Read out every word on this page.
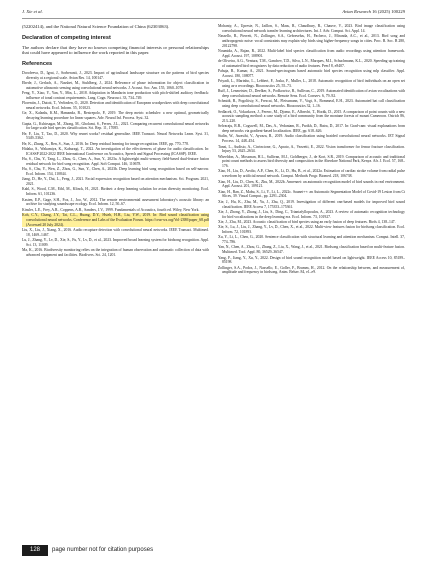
J. Xie et al.	Avian Research 16 (2025) 100229

(52202414), and the National Natural Science Foundation of China (62303063).

Declaration of competing interest

The authors declare that they have no known competing financial interests or personal relationships that could have appeared to influence the work reported in this paper.

References

Dorofeeva, D., Igrat, J., Sorberanti, J., 2023. Impact of agricultural landscape structure on the patterns of bird species diversity at a regional scale. Avian Res. 14, 100147.

Ebede, J., Gerlach, A., Nassbet, M., Stuhlberg, J., 2024. Relevance of phase information for object classification in automotive ultrasonic sensing using convolutional neural networks. J. Acoust. Soc. Am. 155, 1060–1070.

Feng, Y., Xiao, Y., Yan, Y., Min, L., 2018. Adaptation in Mandarin tone production with pitch-shifted auditory feedback: influence of tonal contrast requirements. Lang. Cogn. Neurosci. 33, 734–749.

Florentin, J., Dutoit, T., Verlinden, O., 2020. Detection and identification of European woodpeckers with deep convolutional neural networks. Ecol. Inform. 55, 101023.

Ge, X., Kalanlu, K.M., Hamanda, B., Restrepolo, P., 2019. The deep metric scheduler: a new optimal, geometrically decaying learning procedure for linear squares. Adv. Neural Inf. Process. Syst. 32.

Gupta, G., Kshirsagar, M., Zhong, M., Gholami, S., Ferres, J.L., 2021. Comparing recurrent convolutional neural networks for large scale bird species classification. Sci. Rep. 11, 17085.

He, F., Liu, T., Tao, D., 2020. Why resnet works? residual generalize. IEEE Transact. Neural Networks Learn. Syst. 31, 5349–5362.

He, K., Zhang, X., Ren, S., Sun, J., 2016. In: Deep residual learning for image recognition. IEEE, pp. 770–778.

Hidaka, S., Wakamiya, K., Kaburagi, T., 2022. An investigation of the effectiveness of phase for audio classification. In: ICASSP 2022-2022 IEEE International Conference on Acoustics, Speech and Signal Processing (ICASSP). IEEE.

Hu, S., Chu, Y., Tang, L., Zhou, G., Chen, A., Sun, Y., 2023a. A lightweight multi-sensory field-based dual-feature fusion residual network for bird song recognition. Appl. Soft Comput. 146, 110678.

Hu, S., Chu, Y., Wen, Z., Zhou, G., Sun, Y., Chen, A., 2023b. Deep learning bird song recognition based on self-narrow. Ecol. Inform. 154, 110844.

Jiang, D., He, Y., Dai, L., Feng, J., 2021. Facial expression recognition based on attention mechanism. Sci. Program. 2021, 2021.

Kahl, S., Wood, C.M., Eibl, M., Klinck, H., 2021. Birdnet: a deep learning solution for avian diversity monitoring. Ecol. Inform. 61, 101236.

Kasten, E.P., Gage, S.H., Fox, J., Joo, W., 2012. The remote environmental assessment laboratory's acoustic library: an archive for studying soundscape ecology. Ecol. Inform. 12, 50–67.

Kinsler, L.E., Frey, A.R., Coppens, A.B., Sanders, J.V., 1999. Fundamentals of Acoustics, fourth ed. Wiley, New York.

Koh, C.Y., Chang, J.Y., Tai, C.L., Huang, D.Y., Hsieh, H.H., Liu, Y.W., 2019. In: Bird sound classification using convolutional neural networks. Conference and Labs of the Evaluation Forum. https://ceur-ws.org/Vol-2380/paper_68.pdf (Accessed 20 July 2024).

Liu, X., Liu, J., Xiang, X., 2016. Audio recapture detection with convolutional neural networks. IEEE Transact. Multimed. 18, 1469–1467.

Lu, J., Zhang, Y., Lv, D., Xie, S., Fu, Y., Lv, D., et al., 2023. Improved broad learning system for birdsong recognition. Appl. Sci. 13, 11009.

Ma, K., 2016. Biodiversity monitoring relies on the integration of human observation and automatic collection of data with advanced equipment and facilities. Biodivers. Sci. 24, 1201.

Mohanty, A., Upreste, N., Jaillon, S., Maas, R., Chaudhury, R., Chauve, V., 2023. Bird image classification using convolutional neural network transfer learning architectures. Int. J. Adv. Comput. Sci. Appl. 14.

Nassello, R., Pierrett, N., Zollinger, S.A., Gebreselus, H., Pacheco, J., Miranda, A.C., et al., 2013. Bird song and anthropogenic noise: vocal constraints may explain why birds sing higher-frequency songs in cities. Proc. R. Soc. B 280, 20122798.

Noumida, A., Rajan, R., 2022. Multi-label bird species classification from audio recordings using attention framework. Appl. Acoust. 197, 108901.

de Oliveira, A.G., Ventura, T.M., Ganchev, T.D., Silva, L.N., Marques, M.I., Schuchmann, K.L., 2020. Speeding up training of automated bird recognizers by data reduction of audio features. PeerJ 8, e8407.

Pahuja, R., Kumar, A., 2021. Sound-spectrogram based automatic bird species recognition using mlp classifier. Appl. Acoust. 180, 108077.

Priyadi, L., Marinho, L., Lebbert, F., Joska, F., Muller, L., 2018. Automatic recognition of bird individuals on an open set using as-a recordings. Bioacoustics 25, 55–73.

Ruff, J., Lesmeister, D., Deelker, S., Podkowicz, B., Sullivan, C., 2019. Automated identification of avian vocalizations with deep convolutional neural networks. Remote Sens. Ecol. Conserv. 6, 79–92.

Schmidt, B., Pogoliisty, S., Frescat, M., Fleissmann, V., Vogt, S., Bommeal, E.H., 2023. Automated bat call classification using deep convolutional neural networks. Bioacoustics 32, 1–16.

Sedlacek, O., Vokurkova, J., Ferenc, M., Djomo, E., Albrecht, T., Horák, D., 2015. A comparison of point counts with a new acoustic sampling method: a case study of a bird community from the montane forests of mount Cameroon. Ostrich 86, 213–220.

Selvaraju, R.R., Cogswell, M., Das, A., Vedantam, R., Parikh, D., Batra, D., 2017. In: Grad-cam: visual explanations from deep networks via gradient-based localization. IEEE, pp. 618–626.

Stalin, W., Awasthi, V., Ayvaza, R., 2019. Audio classification using braided convolutional neural networks. IET Signal Process. 14, 448–454.

Tanzi, L., Audisio, A., Cirrincione, G., Aprato, A., Vezzetti, E., 2022. Vision transformer for femur fracture classification. Injury 53, 2625–2634.

Wheeldon, A., Mossman, H.L., Sullivan, M.J., Goldberger, J., de Kort, S.R., 2019. Comparison of acoustic and traditional point count methods to assess bird diversity and composition in the Aberdare National Park, Kenya. Afr. J. Ecol. 57, 168–176.

Xiao, H., Liu, D., Avolio, A.P., Chen, K., Li, D., Hu, B., et al., 2022a. Estimation of cardiac stroke volume from radial pulse waveform by artificial neural network. Comput. Methods Progr. Biomed. 218, 106738.

Xiao, H., Liu, D., Chen, K., Zhu, M., 2022b. Amresnet: an automatic recognition model of bird sounds in real environment. Appl. Acoust. 201, 109121.

Xiao, H., Ran, Z., Mabu, S., Li, Y., Li, L., 2022c. Saunet++: an Automatic Segmentation Model of Covid-19 Lesion from Ct Slices, 39. Visual Comput., pp. 2291–2304.

Xie, J., Hu, K., Zhu, M., Yu, J., Zhu, Q., 2019. Investigation of different cnn-based models for improved bird sound classification. IEEE Access 7, 175353–175361.

Xie, J., Zhong, Y., Zhang, J., Liu, S., Ding, C., Triantafyllopoulos, A., 2023. A review of automatic recognition technology for bird vocalizations in the deep learning era. Ecol. Inform. 73, 101927.

Xie, J., Zhu, M., 2023. Acoustic classification of bird species using an early fusion of deep features. Birds 4, 138–147.

Xie, S., Lu, J., Liu, J., Zhang, Y., Lv, D., Chen, X., et al., 2022. Multi-view features fusion for birdsong classification. Ecol. Inform. 72, 101893.

Xu, Y., Li, L., Chen, G., 2020. Sentence classification with structural learning and attention mechanism. Comput. Intell. 37, 774–786.

Yan, N., Chen, A., Zhou, G., Zhang, Z., Liu, X., Wang, J., et al., 2021. Birdsong classification based on multi-feature fusion. Multimed. Tool. Appl. 80, 36529–36547.

Yang, F., Jiang, Y., Xu, Y., 2022. Design of bird sound recognition model based on lightweight. IEEE Access 10, 85189–85198.

Zollinger, S.A., Podos, J., Nassello, E., Goller, F., Brumm, H., 2012. On the relationship between, and measurement of, amplitude and frequency in birdsong. Anim. Behav. 84, e1–e9.

128	page number not for citation purposes
